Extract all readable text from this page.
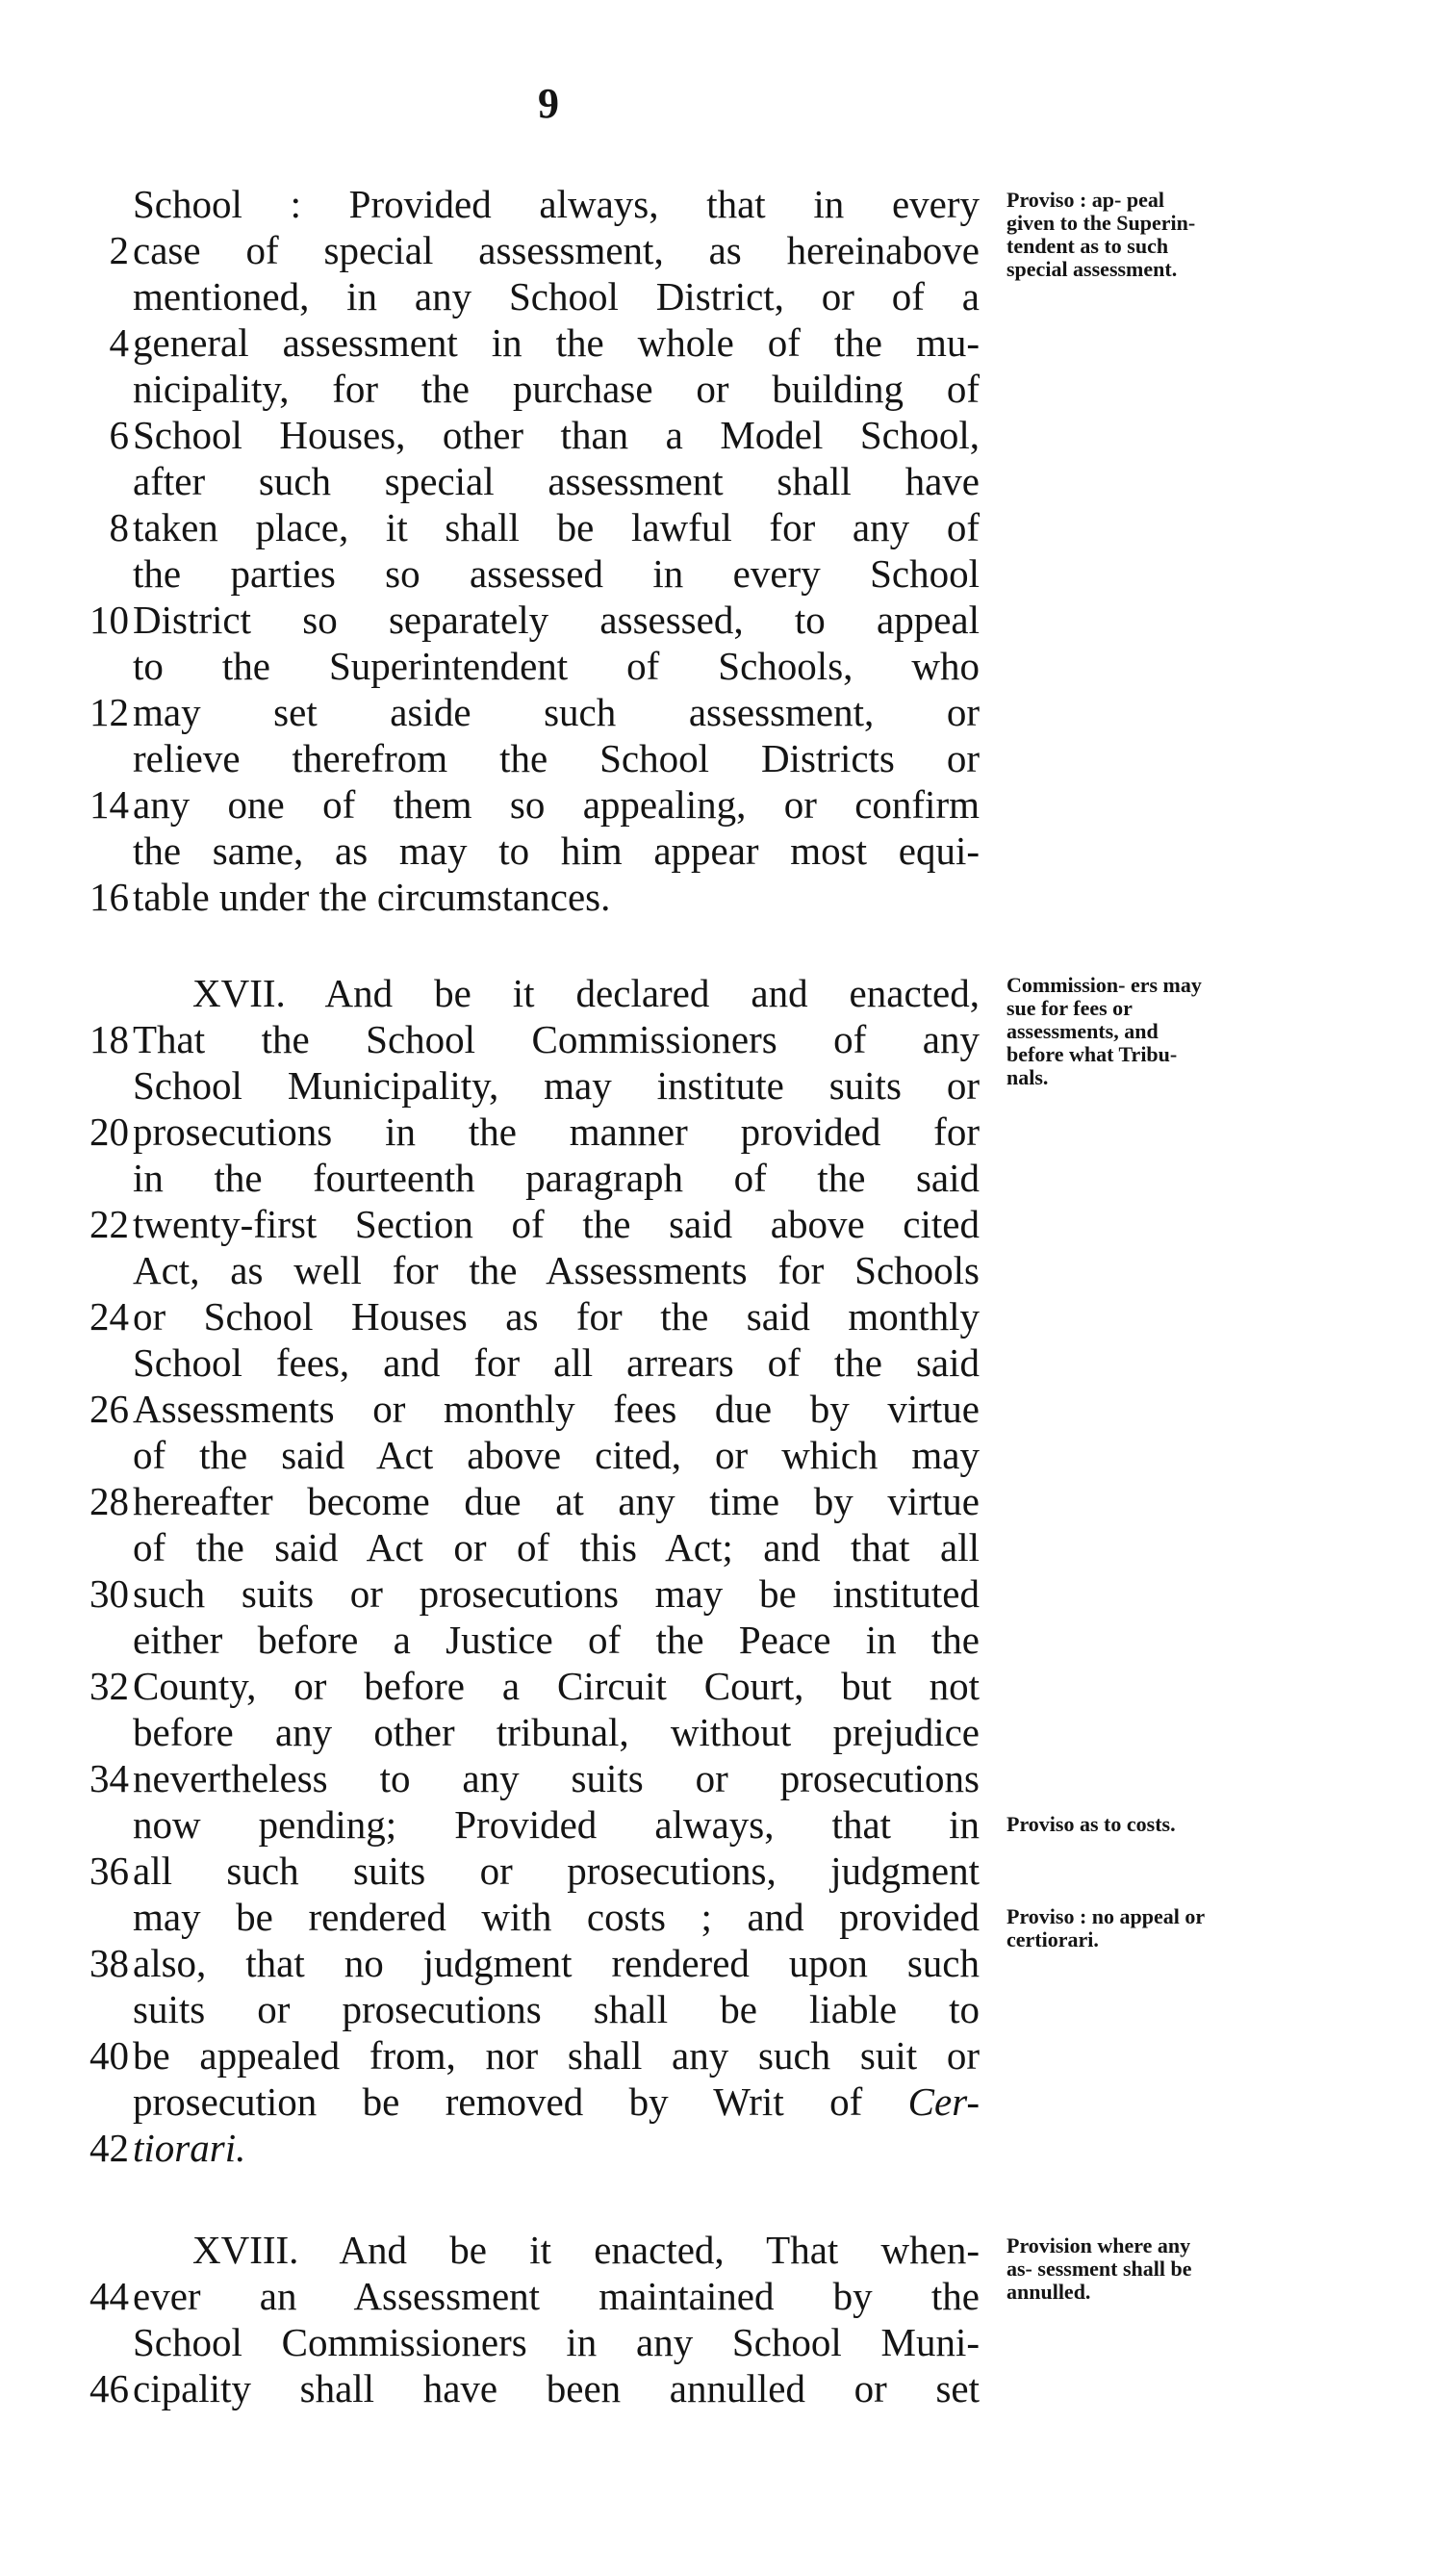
9
School : Provided always, that in every
2 case of special assessment, as hereinabove
mentioned, in any School District, or of a
4 general assessment in the whole of the mu-
nicipality, for the purchase or building of
6 School Houses, other than a Model School,
after such special assessment shall have
8 taken place, it shall be lawful for any of
the parties so assessed in every School
10 District so separately assessed, to appeal
to the Superintendent of Schools, who
12 may set aside such assessment, or
relieve therefrom the School Districts or
14 any one of them so appealing, or confirm
the same, as may to him appear most equi-
16 table under the circumstances.
Proviso : ap- peal given to the Superin- tendent as to such special assessment.
XVII. And be it declared and enacted,
18 That the School Commissioners of any
School Municipality, may institute suits or
20 prosecutions in the manner provided for
in the fourteenth paragraph of the said
22 twenty-first Section of the said above cited
Act, as well for the Assessments for Schools
24 or School Houses as for the said monthly
School fees, and for all arrears of the said
26 Assessments or monthly fees due by virtue
of the said Act above cited, or which may
28 hereafter become due at any time by virtue
of the said Act or of this Act; and that all
30 such suits or prosecutions may be instituted
either before a Justice of the Peace in the
32 County, or before a Circuit Court, but not
before any other tribunal, without prejudice
34 nevertheless to any suits or prosecutions
now pending; Provided always, that in
36 all such suits or prosecutions, judgment
may be rendered with costs ; and provided
38 also, that no judgment rendered upon such
suits or prosecutions shall be liable to
40 be appealed from, nor shall any such suit or
prosecution be removed by Writ of Cer-
42 tiorari.
Commission- ers may sue for fees or assessments, and before what Tribu- nals.
Proviso as to costs.
Proviso : no appeal or certiorari.
XVIII. And be it enacted, That when-
44 ever an Assessment maintained by the
School Commissioners in any School Muni-
46 cipality shall have been annulled or set
Provision where any as- sessment shall be annulled.
